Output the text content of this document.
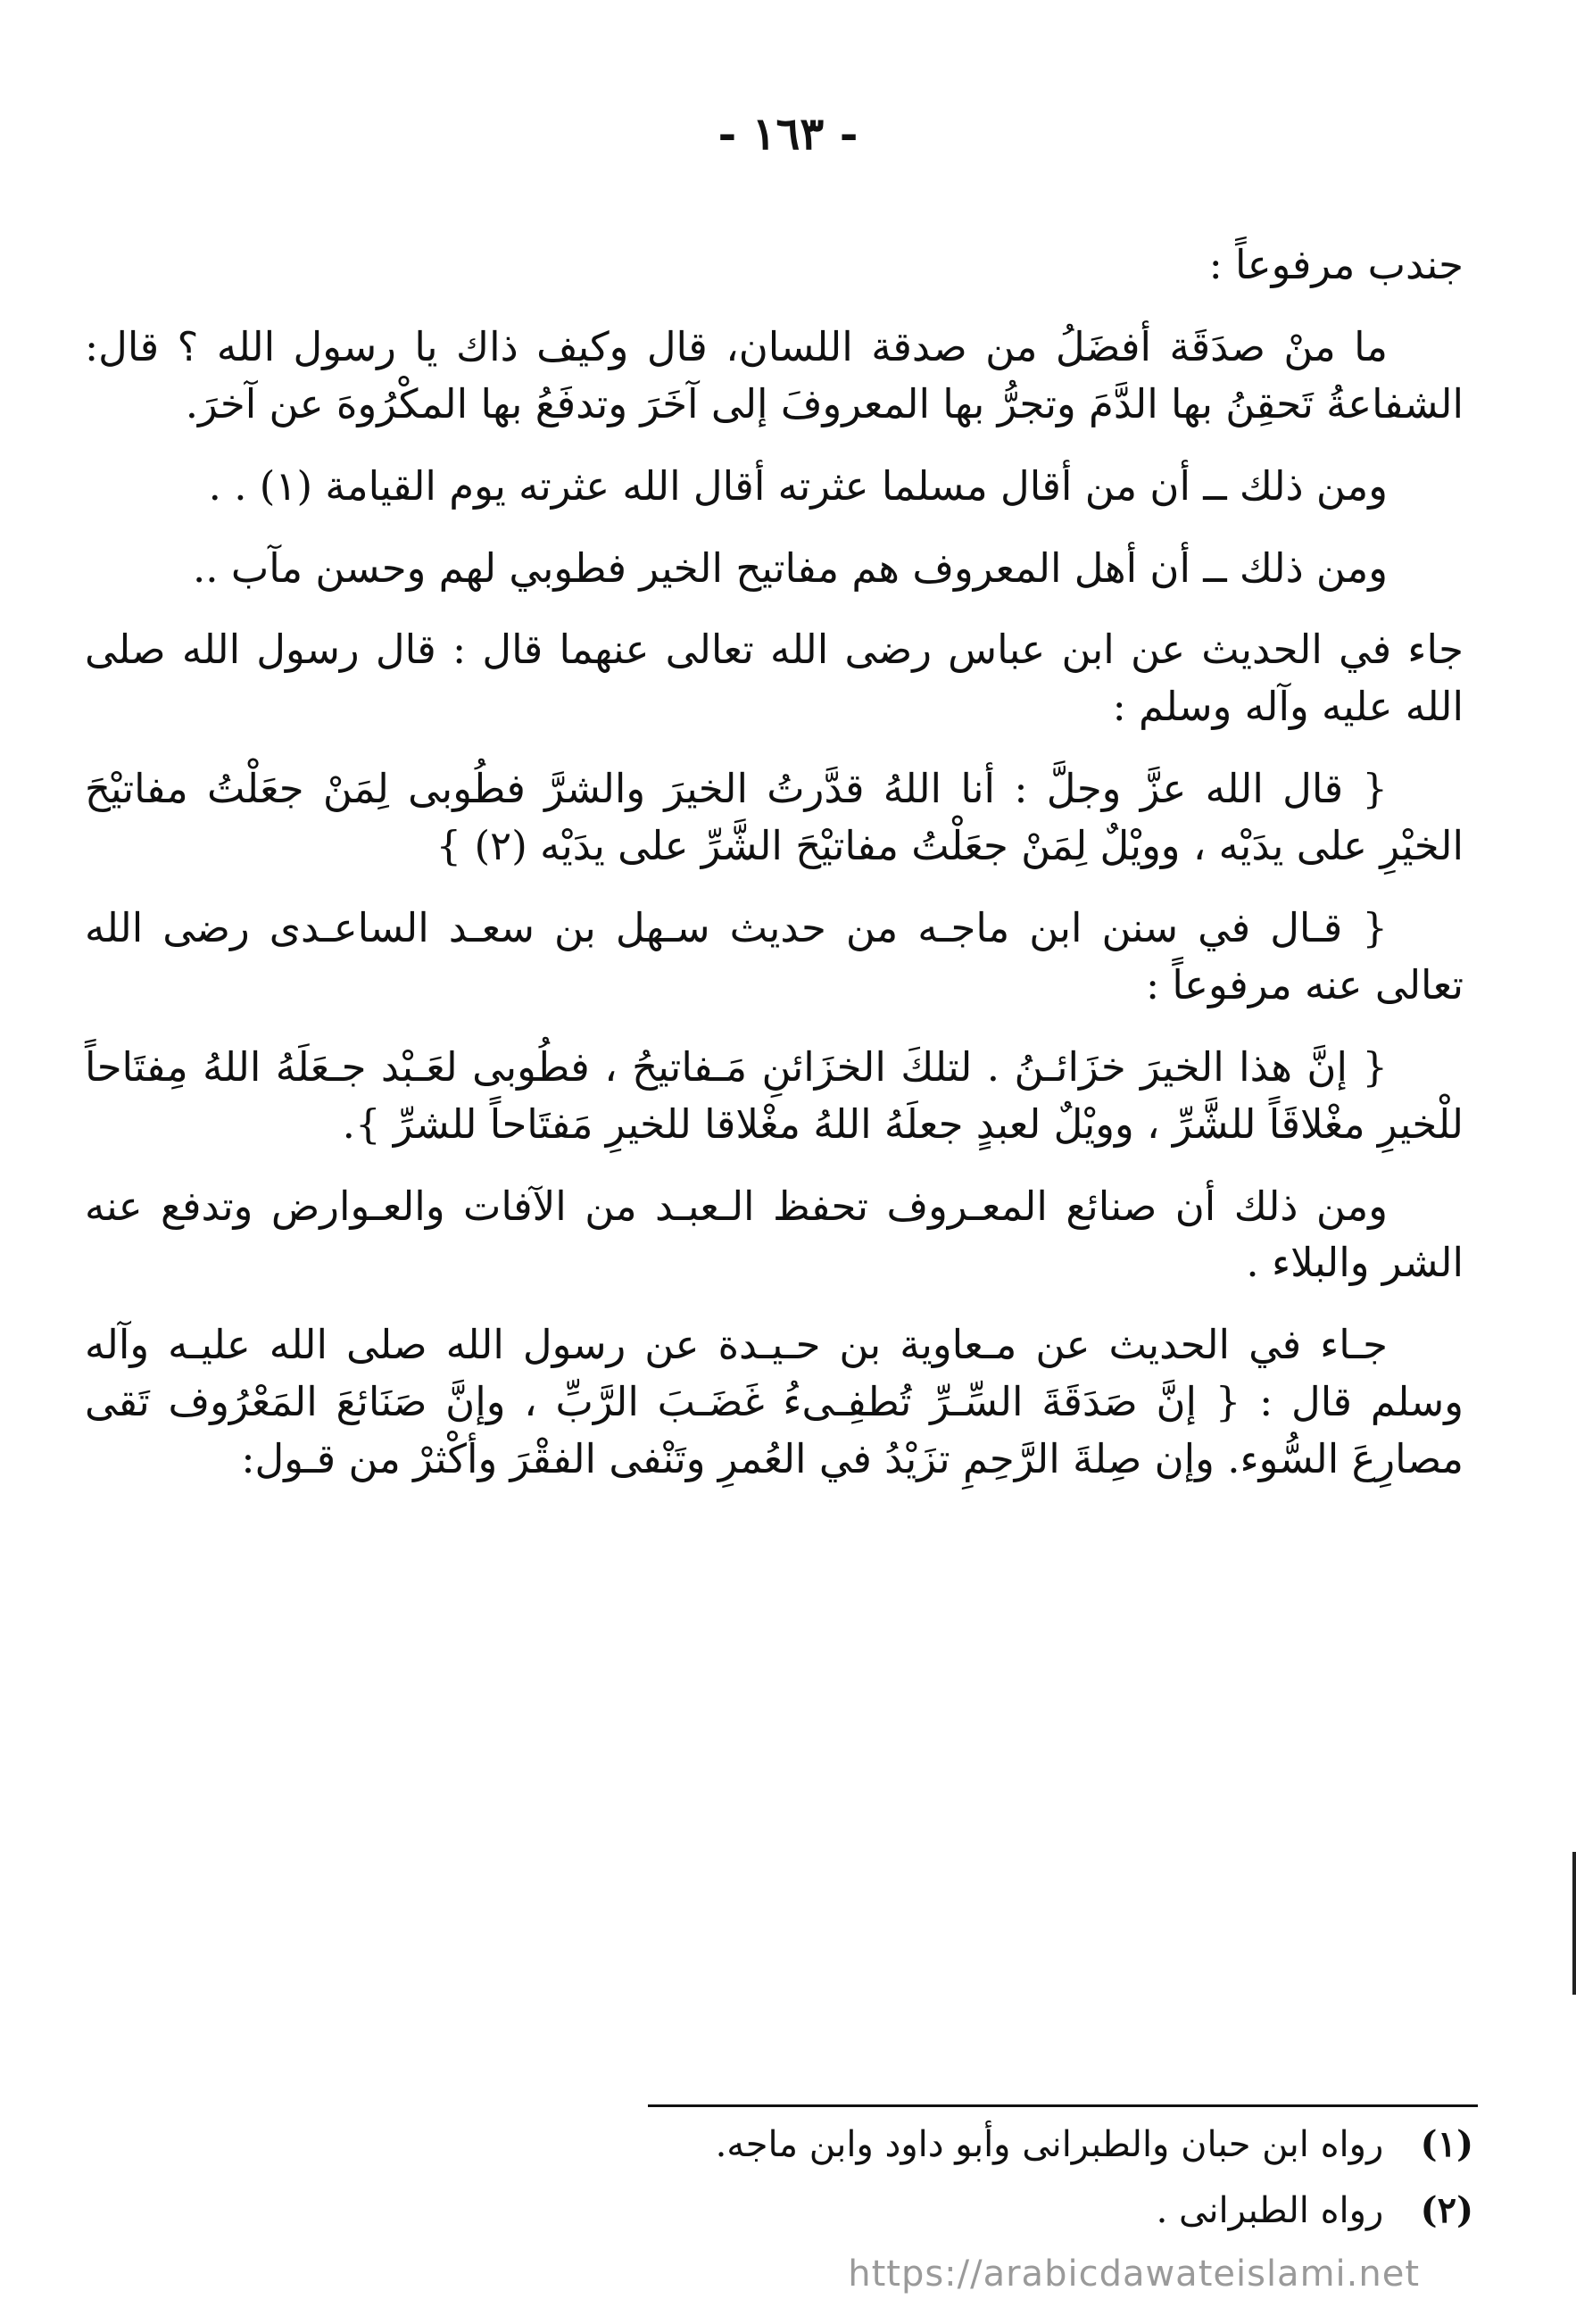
- ١٦٣ -

جندب مرفوعاً :

ما منْ صدَقَة أفضَلُ من صدقة اللسان، قال وكيف ذاك يا رسول الله ؟ قال: الشفاعةُ تَحقِنُ بها الدَّمَ وتجرُّ بها المعروفَ إلى آخَرَ وتدفَعُ بها المكْرُوهَ عن آخرَ.

ومن ذلك ــ أن من أقال مسلما عثرته أقال الله عثرته يوم القيامة (١) . .

ومن ذلك ــ أن أهل المعروف هم مفاتيح الخير فطوبي لهم وحسن مآب ..

جاء في الحديث عن ابن عباس رضى الله تعالى عنهما قال : قال رسول الله صلى الله عليه وآله وسلم :

{ قال الله عزَّ وجلَّ : أنا اللهُ قدَّرتُ الخيرَ والشرَّ فطُوبى لِمَنْ جعَلْتُ مفاتيْحَ الخيْرِ على يدَيْه ، وويْلٌ لِمَنْ جعَلْتُ مفاتيْحَ الشَّرِّ على يدَيْه (٢) }

{ قـال في سنن ابن ماجـه من حديث سـهل بن سعـد الساعـدى رضى الله تعالى عنه مرفوعاً :

{ إنَّ هذا الخيرَ خزَائـنُ . لتلكَ الخزَائنِ مَـفاتيحُ ، فطُوبى لعَـبْد جـعَلَهُ اللهُ مِفتَاحاً للْخيرِ مغْلاقَاً للشَّرِّ ، وويْلٌ لعبدٍ جعلَهُ اللهُ مغْلاقا للخيرِ مَفتَاحاً للشرِّ }.

ومن ذلك أن صنائع المعـروف تحفظ الـعبـد من الآفات والعـوارض وتدفع عنه الشر والبلاء .

جـاء في الحديث عن مـعاوية بن حـيـدة عن رسول الله صلى الله عليـه وآله وسلم قال : { إنَّ صَدَقَةَ السِّـرِّ تُطفِـىءُ غَضَـبَ الرَّبِّ ، وإنَّ صَنَائعَ المَعْرُوف تَقى مصارِعَ السُّوء. وإن صِلةَ الرَّحِمِ تزَيْدُ في العُمرِ وتَنْفى الفقْرَ وأكْثرْ من قـول:

(١) رواه ابن حبان والطبرانى وأبو داود وابن ماجه.
(٢) رواه الطبرانى .
https://arabicdawateislami.net
